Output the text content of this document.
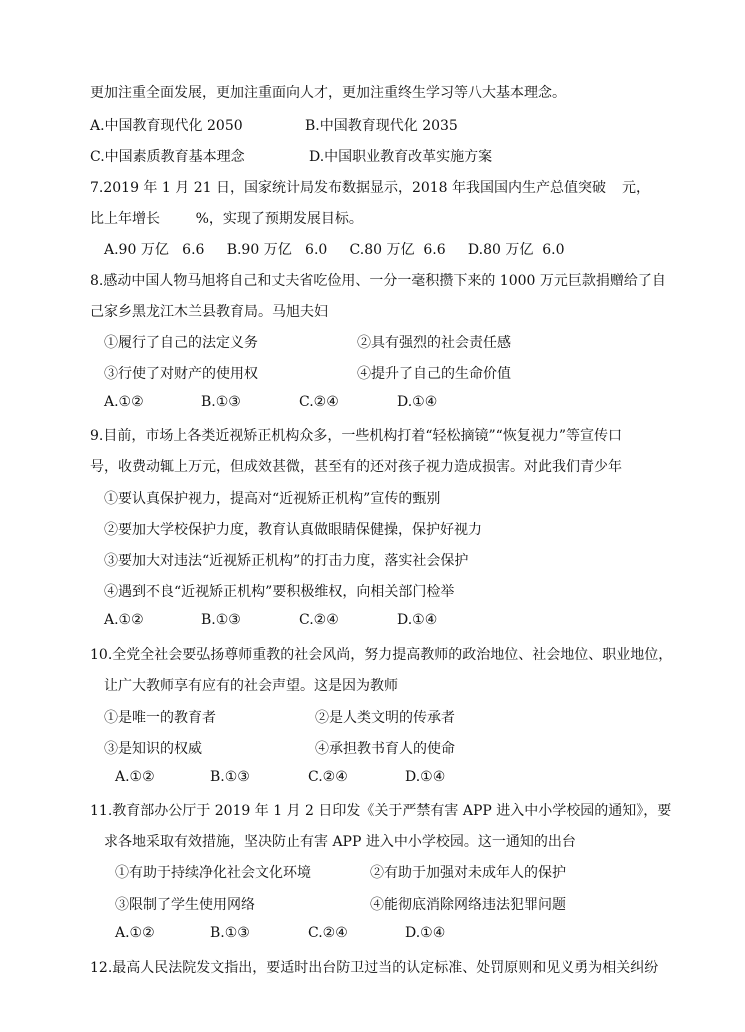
更加注重全面发展，更加注重面向人才，更加注重终生学习等八大基本理念。
A.中国教育现代化 2050	B.中国教育现代化 2035
C.中国素质教育基本理念	D.中国职业教育改革实施方案
7.2019 年 1 月 21 日，国家统计局发布数据显示，2018 年我国国内生产总值突破 元，
比上年增长        %，实现了预期发展目标。
A.90 万亿   6.6     B.90 万亿   6.0     C.80 万亿  6.6     D.80 万亿  6.0
8.感动中国人物马旭将自己和丈夫省吃俭用、一分一毫积攒下来的 1000 万元巨款捐赠给了自
己家乡黑龙江木兰县教育局。马旭夫妇
①履行了自己的法定义务	②具有强烈的社会责任感
③行使了对财产的使用权	④提升了自己的生命价值
A.①②	B.①③	C.②④	D.①④
9.目前，市场上各类近视矫正机构众多，一些机构打着“轻松摘镜”“恢复视力”等宣传口
号，收费动辄上万元，但成效甚微，甚至有的还对孩子视力造成损害。对此我们青少年
①要认真保护视力，提高对“近视矫正机构”宣传的甄别
②要加大学校保护力度，教育认真做眼睛保健操，保护好视力
③要加大对违法“近视矫正机构”的打击力度，落实社会保护
④遇到不良“近视矫正机构”要积极维权，向相关部门检举
A.①②	B.①③	C.②④	D.①④
10.全党全社会要弘扬尊师重教的社会风尚，努力提高教师的政治地位、社会地位、职业地位，
让广大教师享有应有的社会声望。这是因为教师
①是唯一的教育者	②是人类文明的传承者
③是知识的权威	④承担教书育人的使命
A.①②	B.①③	C.②④	D.①④
11.教育部办公厅于 2019 年 1 月 2 日印发《关于严禁有害 APP 进入中小学校园的通知》，要
求各地采取有效措施，坚决防止有害 APP 进入中小学校园。这一通知的出台
①有助于持续净化社会文化环境	②有助于加强对未成年人的保护
③限制了学生使用网络	④能彻底消除网络违法犯罪问题
A.①②	B.①③	C.②④	D.①④
12.最高人民法院发文指出，要适时出台防卫过当的认定标准、处罚原则和见义勇为相关纠纷
